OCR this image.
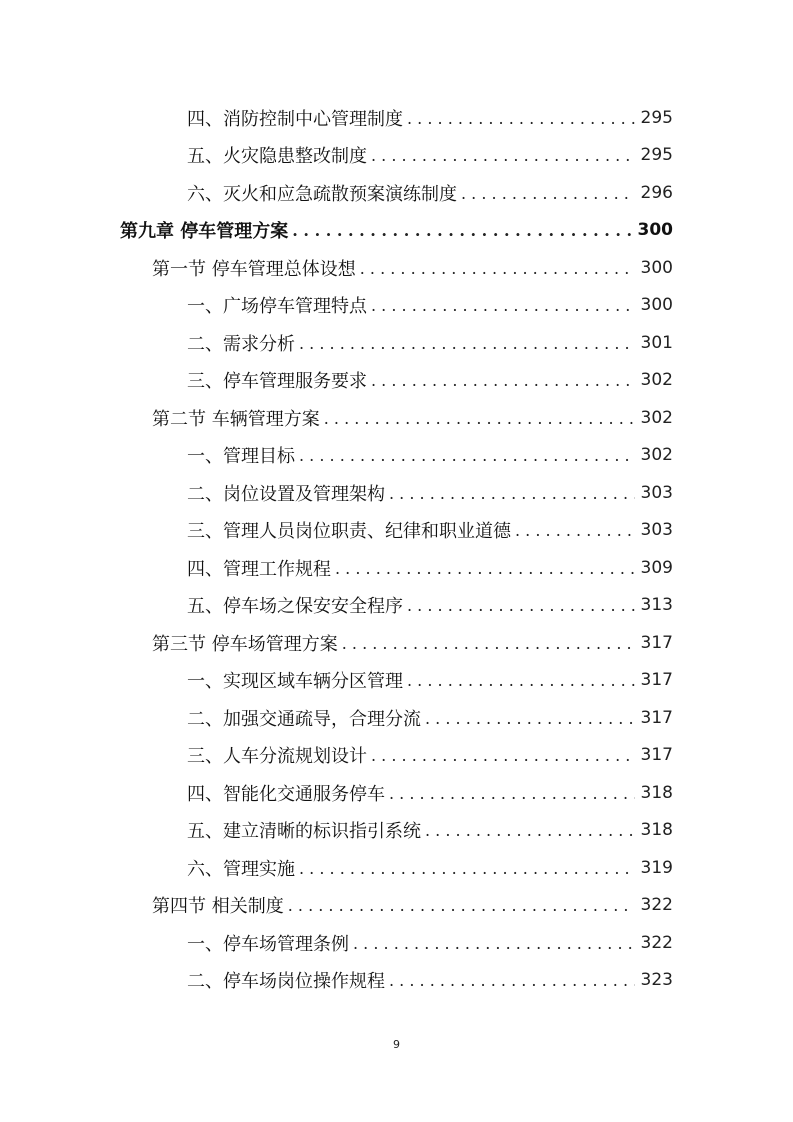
四、消防控制中心管理制度 . . .	295
五、火灾隐患整改制度 . . .	295
六、灭火和应急疏散预案演练制度 . . .	296
第九章 停车管理方案 . . .	300
第一节 停车管理总体设想 . . .	300
一、广场停车管理特点 . . .	300
二、需求分析 . . .	301
三、停车管理服务要求 . . .	302
第二节 车辆管理方案 . . .	302
一、管理目标 . . .	302
二、岗位设置及管理架构 . . .	303
三、管理人员岗位职责、纪律和职业道德 . . .	303
四、管理工作规程 . . .	309
五、停车场之保安安全程序 . . .	313
第三节 停车场管理方案 . . .	317
一、实现区域车辆分区管理 . . .	317
二、加强交通疏导，合理分流 . . .	317
三、人车分流规划设计 . . .	317
四、智能化交通服务停车 . . .	318
五、建立清晰的标识指引系统 . . .	318
六、管理实施 . . .	319
第四节 相关制度 . . .	322
一、停车场管理条例 . . .	322
二、停车场岗位操作规程 . . .	323
9
